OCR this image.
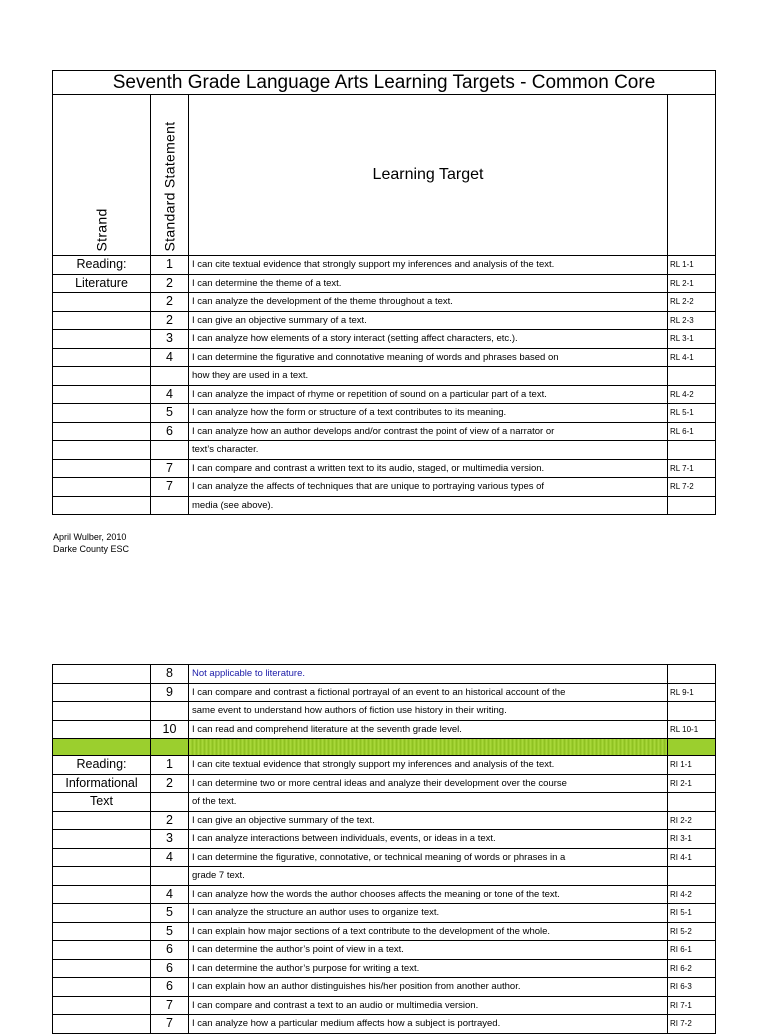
Seventh Grade Language Arts Learning Targets - Common Core			

Strand	Standard Statement	Learning Target	
Reading:	1	I can cite textual evidence that strongly support my inferences and analysis of the text.	RL 1-1
Literature	2	I can determine the theme of a text.	RL 2-1
	2	I can analyze the development of the theme throughout a text.	RL 2-2
	2	I can give an objective summary of a text.	RL 2-3
	3	I can analyze how elements of a story interact (setting affect characters, etc.).	RL 3-1
	4	I can determine the figurative and connotative meaning of words and phrases based on	RL 4-1
		how they are used in a text.	
	4	I can analyze the impact of rhyme or repetition of sound on a particular part of a text.	RL 4-2
	5	I can analyze how the form or structure of a text contributes to its meaning.	RL 5-1
	6	I can analyze how an author develops and/or contrast the point of view of a narrator or	RL 6-1
		text’s character.	
	7	I can compare and contrast a written text to its audio, staged, or multimedia version.	RL 7-1
	7	I can analyze the affects of techniques that are unique to portraying various types of	RL 7-2
		media (see above).	
April Wulber, 2010
Darke County ESC
	8	Not applicable to literature.	
	9	I can compare and contrast a fictional portrayal of an event to an historical account of the	RL 9-1
		same event to understand how authors of fiction use history in their writing.	
	10	I can read and comprehend literature at the seventh grade level.	RL 10-1

Reading:	1	I can cite textual evidence that strongly support my inferences and analysis of the text.	RI 1-1
Informational	2	I can determine two or more central ideas and analyze their development over the course	RI 2-1
Text		of the text.	
	2	I can give an objective summary of the text.	RI 2-2
	3	I can analyze interactions between individuals, events, or ideas in a text.	RI 3-1
	4	I can determine the figurative, connotative, or technical meaning of words or phrases in a	RI 4-1
		grade 7 text.	
	4	I can analyze how the words the author chooses affects the meaning or tone of the text.	RI 4-2
	5	I can analyze the structure an author uses to organize text.	RI 5-1
	5	I can explain how major sections of a text contribute to the development of the whole.	RI 5-2
	6	I can determine the author’s point of view in a text.	RI 6-1
	6	I can determine the author’s purpose for writing a text.	RI 6-2
	6	I can explain how an author distinguishes his/her position from another author.	RI 6-3
	7	I can compare and contrast a text to an audio or multimedia version.	RI 7-1
	7	I can analyze how a particular medium affects how a subject is portrayed.	RI 7-2
